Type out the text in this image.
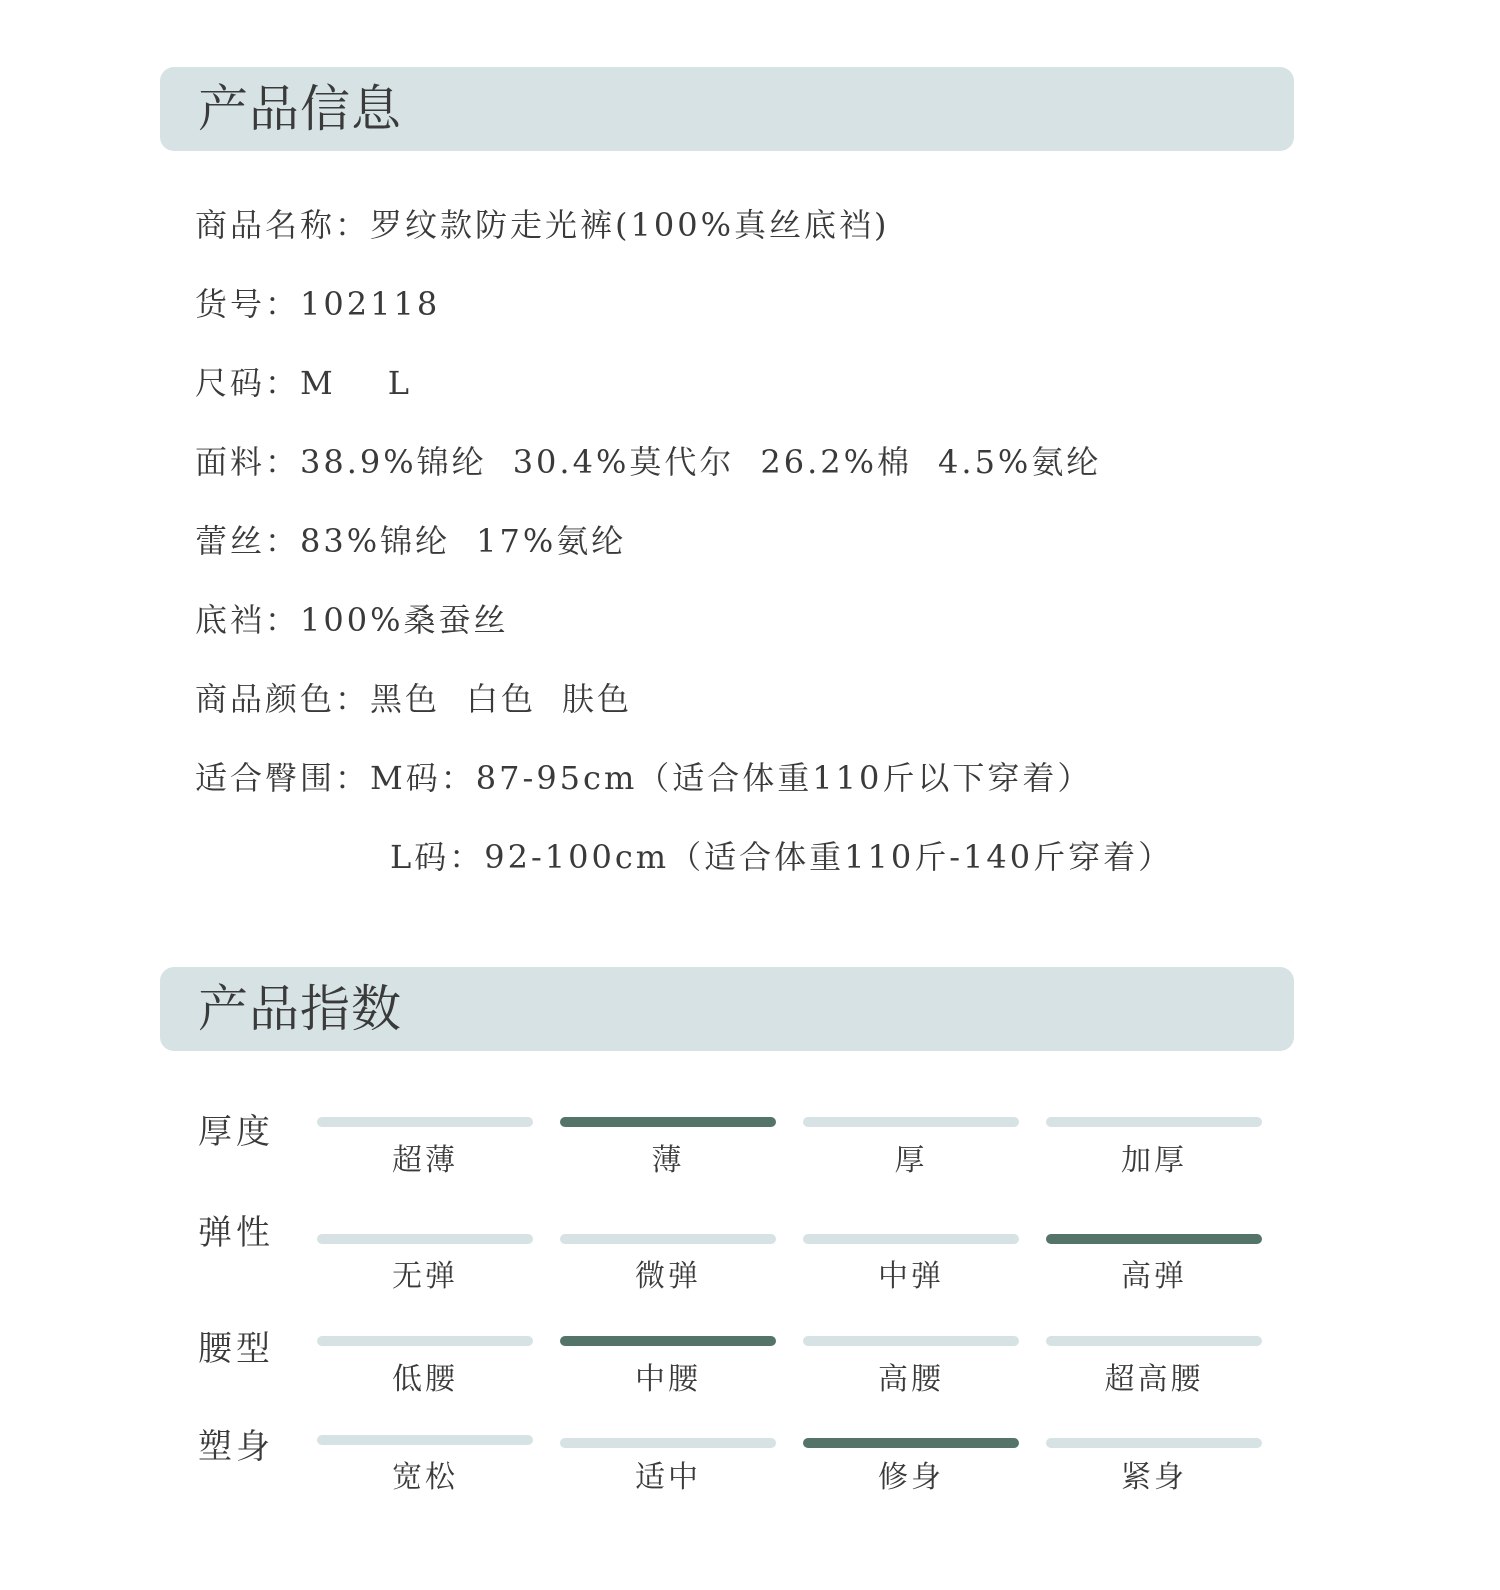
产品信息
商品名称：罗纹款防走光裤(100%真丝底裆)
货号：102118
尺码：M L
面料：38.9%锦纶 30.4%莫代尔 26.2%棉 4.5%氨纶
蕾丝：83%锦纶 17%氨纶
底裆：100%桑蚕丝
商品颜色：黑色 白色 肤色
适合臀围：M码：87-95cm（适合体重110斤以下穿着）
L码：92-100cm（适合体重110斤-140斤穿着）
产品指数
厚度
超薄	薄	厚	加厚
弹性
无弹	微弹	中弹	高弹
腰型
低腰	中腰	高腰	超高腰
塑身
宽松	适中	修身	紧身
